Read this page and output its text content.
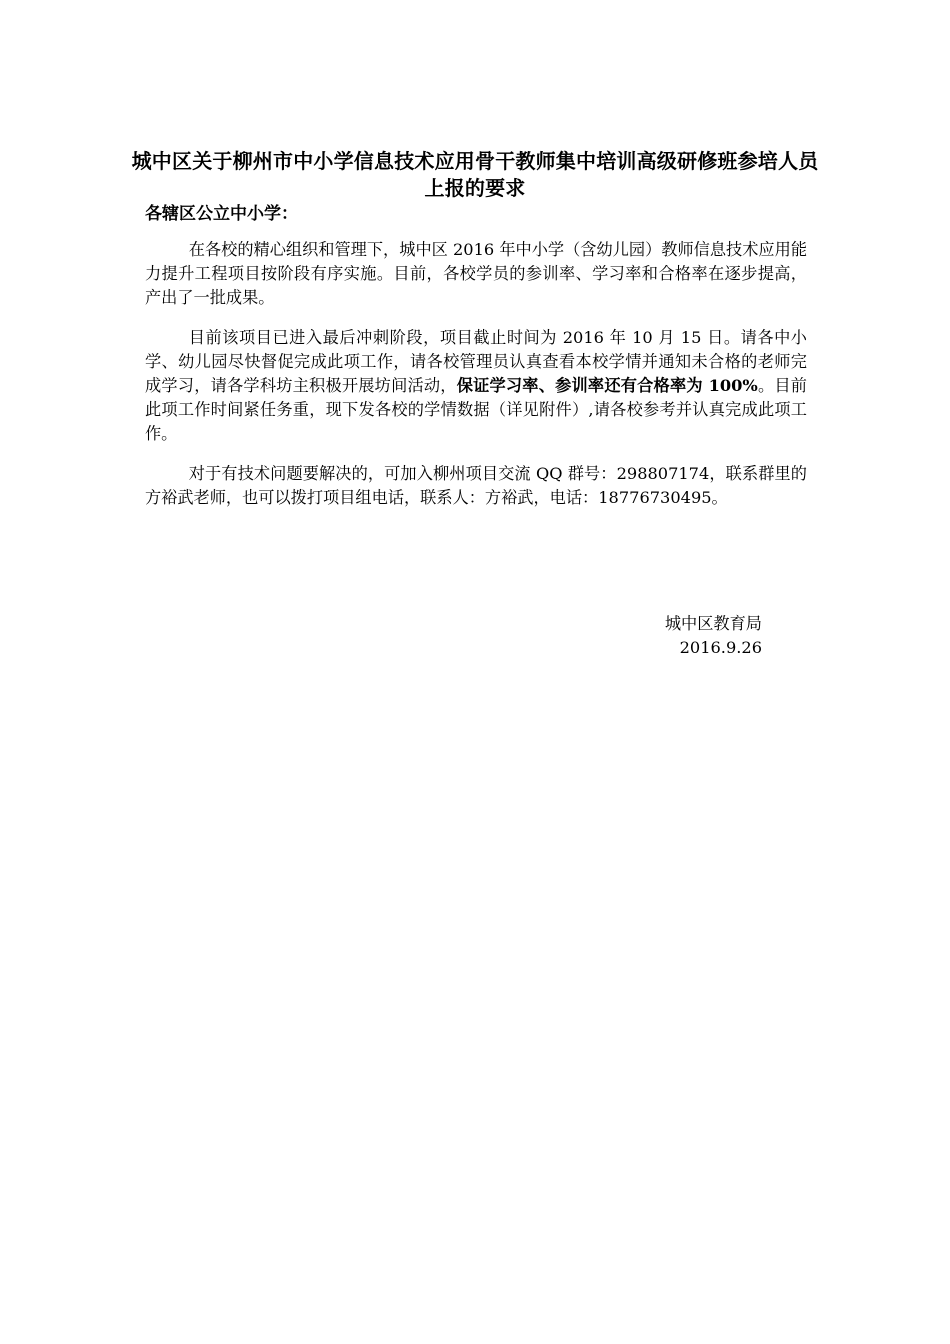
城中区关于柳州市中小学信息技术应用骨干教师集中培训高级研修班参培人员上报的要求
各辖区公立中小学：
在各校的精心组织和管理下，城中区 2016 年中小学（含幼儿园）教师信息技术应用能力提升工程项目按阶段有序实施。目前，各校学员的参训率、学习率和合格率在逐步提高，产出了一批成果。
目前该项目已进入最后冲刺阶段，项目截止时间为 2016 年 10 月 15 日。请各中小学、幼儿园尽快督促完成此项工作，请各校管理员认真查看本校学情并通知未合格的老师完成学习，请各学科坊主积极开展坊间活动，保证学习率、参训率还有合格率为 100%。目前此项工作时间紧任务重，现下发各校的学情数据（详见附件）,请各校参考并认真完成此项工作。
对于有技术问题要解决的，可加入柳州项目交流 QQ 群号：298807174，联系群里的方裕武老师，也可以拨打项目组电话，联系人：方裕武，电话：18776730495。
城中区教育局
2016.9.26
